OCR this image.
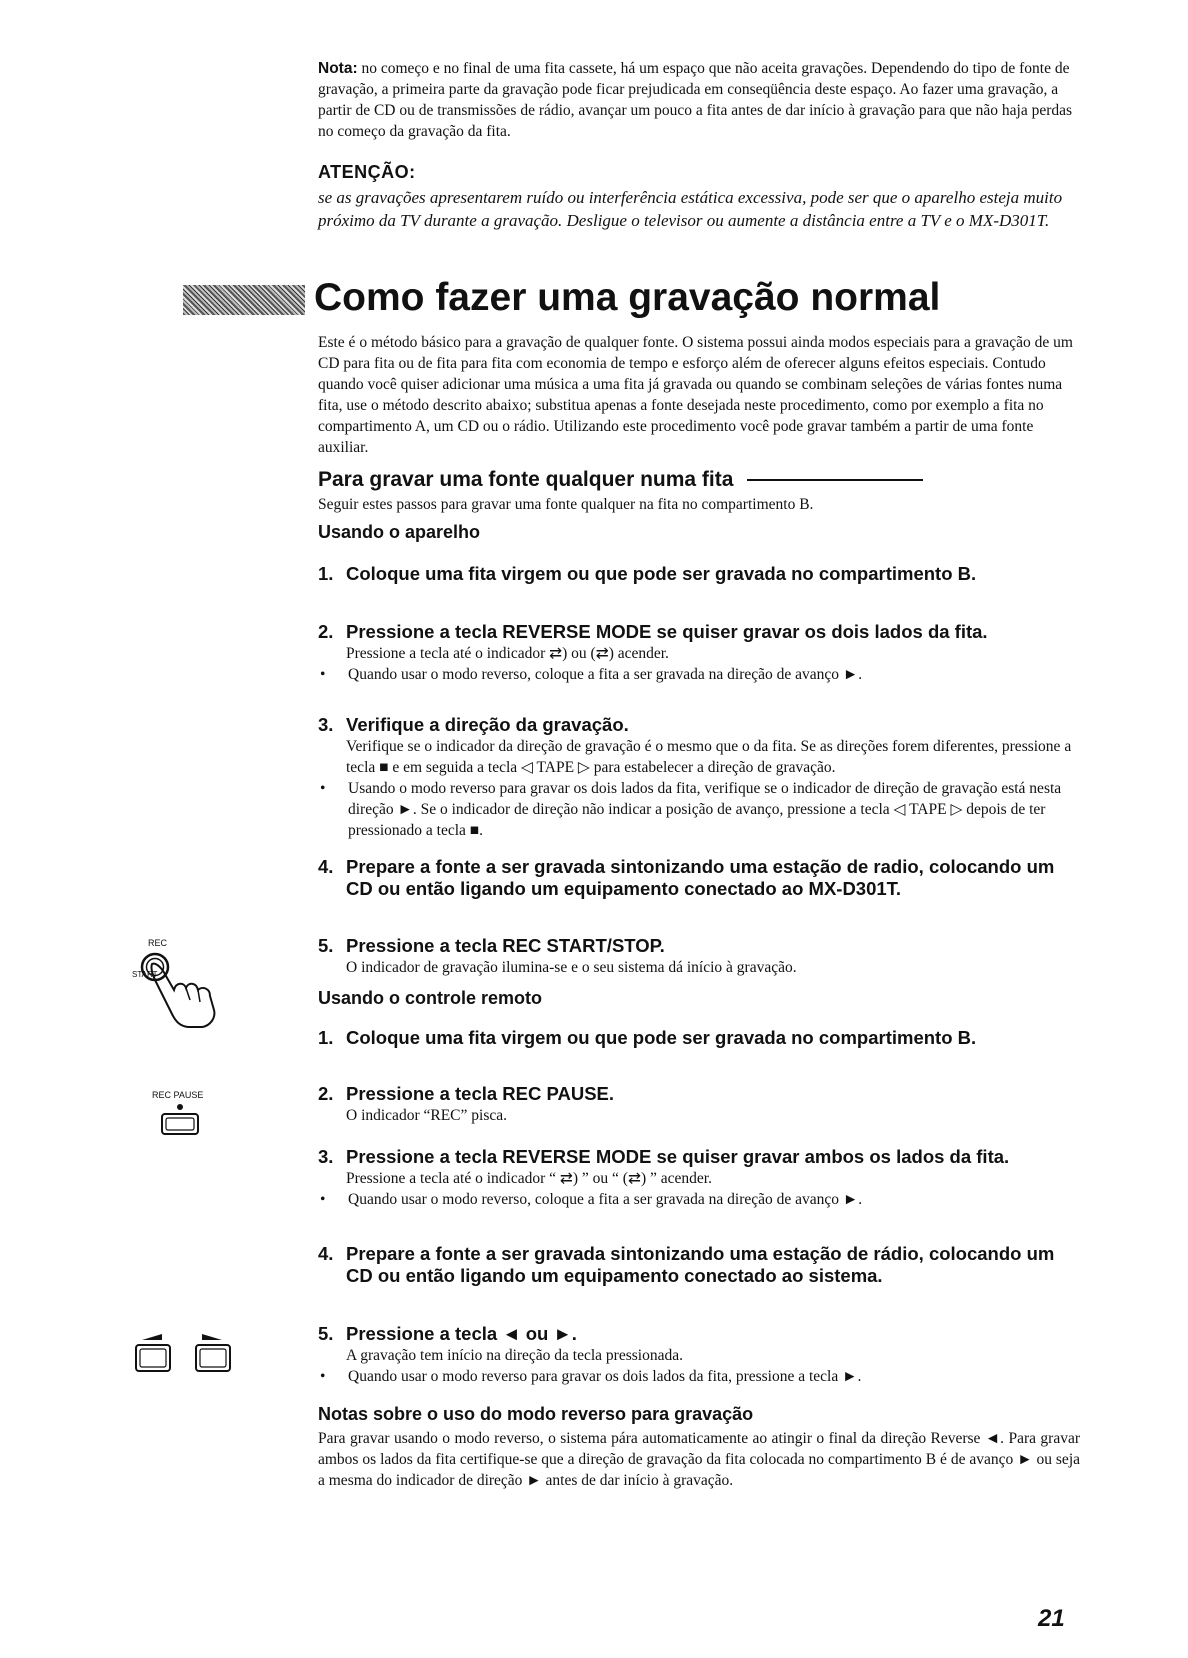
Nota: no começo e no final de uma fita cassete, há um espaço que não aceita gravações. Dependendo do tipo de fonte de gravação, a primeira parte da gravação pode ficar prejudicada em conseqüência deste espaço. Ao fazer uma gravação, a partir de CD ou de transmissões de rádio, avançar um pouco a fita antes de dar início à gravação para que não haja perdas no começo da gravação da fita.
ATENÇÃO:
se as gravações apresentarem ruído ou interferência estática excessiva, pode ser que o aparelho esteja muito próximo da TV durante a gravação. Desligue o televisor ou aumente a distância entre a TV e o MX-D301T.
Como fazer uma gravação normal
Este é o método básico para a gravação de qualquer fonte. O sistema possui ainda modos especiais para a gravação de um CD para fita ou de fita para fita com economia de tempo e esforço além de oferecer alguns efeitos especiais. Contudo quando você quiser adicionar uma música a uma fita já gravada ou quando se combinam seleções de várias fontes numa fita, use o método descrito abaixo; substitua apenas a fonte desejada neste procedimento, como por exemplo a fita no compartimento A, um CD ou o rádio. Utilizando este procedimento você pode gravar também a partir de uma fonte auxiliar.
Para gravar uma fonte qualquer numa fita
Seguir estes passos para gravar uma fonte qualquer na fita no compartimento B.
Usando o aparelho
1. Coloque uma fita virgem ou que pode ser gravada no compartimento B.
2. Pressione a tecla REVERSE MODE se quiser gravar os dois lados da fita.
Pressione a tecla até o indicador ⇄) ou (⇄) acender.
• Quando usar o modo reverso, coloque a fita a ser gravada na direção de avanço ►.
3. Verifique a direção da gravação.
Verifique se o indicador da direção de gravação é o mesmo que o da fita. Se as direções forem diferentes, pressione a tecla ■ e em seguida a tecla ◁ TAPE ▷ para estabelecer a direção de gravação.
• Usando o modo reverso para gravar os dois lados da fita, verifique se o indicador de direção de gravação está nesta direção ►. Se o indicador de direção não indicar a posição de avanço, pressione a tecla ◁ TAPE ▷ depois de ter pressionado a tecla ■.
4. Prepare a fonte a ser gravada sintonizando uma estação de radio, colocando um CD ou então ligando um equipamento conectado ao MX-D301T.
5. Pressione a tecla REC START/STOP.
O indicador de gravação ilumina-se e o seu sistema dá início à gravação.
Usando o controle remoto
1. Coloque uma fita virgem ou que pode ser gravada no compartimento B.
2. Pressione a tecla REC PAUSE.
O indicador “REC” pisca.
3. Pressione a tecla REVERSE MODE se quiser gravar ambos os lados da fita.
Pressione a tecla até o indicador “ ⇄) ” ou “ (⇄) ” acender.
• Quando usar o modo reverso, coloque a fita a ser gravada na direção de avanço ►.
4. Prepare a fonte a ser gravada sintonizando uma estação de rádio, colocando um CD ou então ligando um equipamento conectado ao sistema.
5. Pressione a tecla ◄ ou ►.
A gravação tem início na direção da tecla pressionada.
• Quando usar o modo reverso para gravar os dois lados da fita, pressione a tecla ►.
Notas sobre o uso do modo reverso para gravação
Para gravar usando o modo reverso, o sistema pára automaticamente ao atingir o final da direção Reverse ◄. Para gravar ambos os lados da fita certifique-se que a direção de gravação da fita colocada no compartimento B é de avanço ► ou seja a mesma do indicador de direção ► antes de dar início à gravação.
21
REC
START
REC PAUSE
